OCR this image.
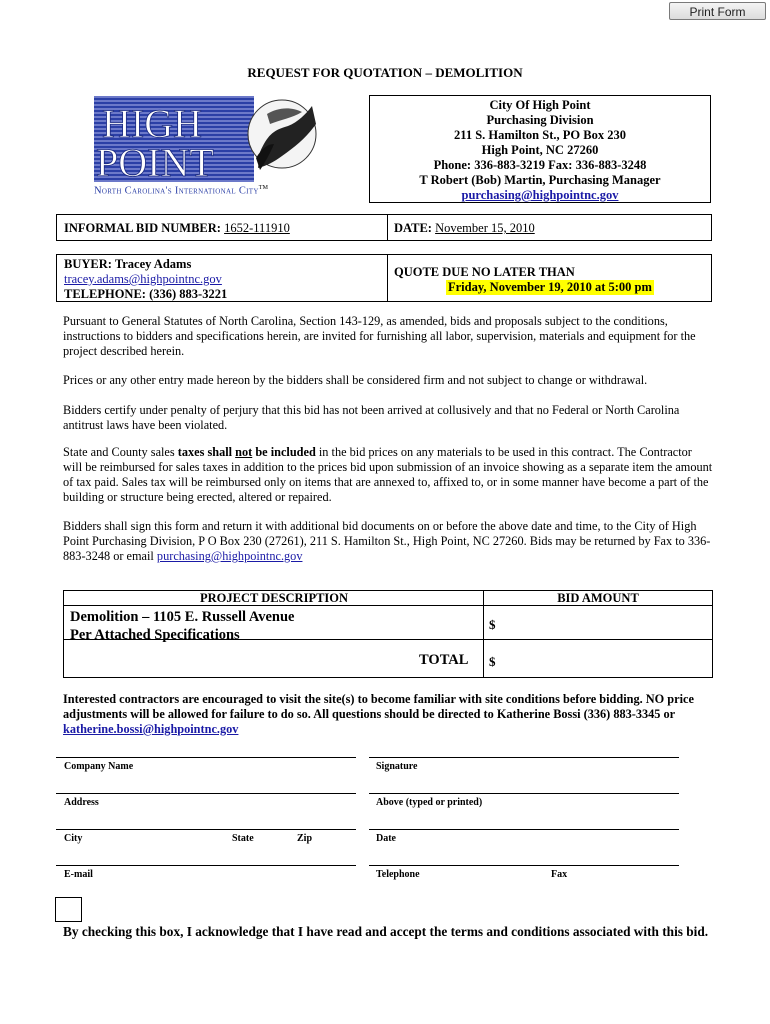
Print Form
REQUEST FOR QUOTATION – DEMOLITION
HIGH
POINT
North Carolina's International City™
City Of High Point
Purchasing Division
211 S. Hamilton St., PO Box 230
High Point, NC 27260
Phone: 336-883-3219 Fax: 336-883-3248
T Robert (Bob) Martin, Purchasing Manager
purchasing@highpointnc.gov
INFORMAL BID NUMBER: 1652-111910	DATE: November 15, 2010
BUYER: Tracey Adams
tracey.adams@highpointnc.gov
TELEPHONE: (336) 883-3221
QUOTE DUE NO LATER THAN
Friday, November 19, 2010 at 5:00 pm
Pursuant to General Statutes of North Carolina, Section 143-129, as amended, bids and proposals subject to the conditions, instructions to bidders and specifications herein, are invited for furnishing all labor, supervision, materials and equipment for the project described herein.
Prices or any other entry made hereon by the bidders shall be considered firm and not subject to change or withdrawal.
Bidders certify under penalty of perjury that this bid has not been arrived at collusively and that no Federal or North Carolina antitrust laws have been violated.
State and County sales taxes shall not be included in the bid prices on any materials to be used in this contract. The Contractor will be reimbursed for sales taxes in addition to the prices bid upon submission of an invoice showing as a separate item the amount of tax paid. Sales tax will be reimbursed only on items that are annexed to, affixed to, or in some manner have become a part of the building or structure being erected, altered or repaired.
Bidders shall sign this form and return it with additional bid documents on or before the above date and time, to the City of High Point Purchasing Division, P O Box 230 (27261), 211 S. Hamilton St., High Point, NC 27260. Bids may be returned by Fax to 336-883-3248 or email purchasing@highpointnc.gov
PROJECT DESCRIPTION	BID AMOUNT
Demolition – 1105 E. Russell Avenue
Per Attached Specifications
$
TOTAL $
Interested contractors are encouraged to visit the site(s) to become familiar with site conditions before bidding. NO price adjustments will be allowed for failure to do so. All questions should be directed to Katherine Bossi (336) 883-3345 or katherine.bossi@highpointnc.gov
Company Name	Signature
Address	Above (typed or printed)
City	State	Zip	Date
E-mail	Telephone	Fax
By checking this box, I acknowledge that I have read and accept the terms and conditions associated with this bid.
